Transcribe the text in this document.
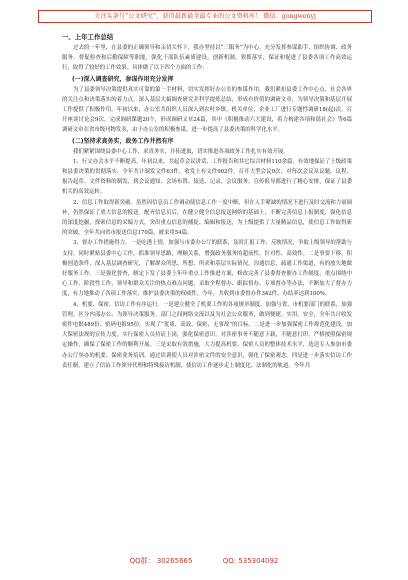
关注头条号“公文研究”，获得最新最全最专业的公文资料库！ 微信：gongwenyj

一、上年工作总结

过去的一年里，在县委的正确领导和亲切关怀下，我办坚持以“三服务”为中心，充分发挥参谋助手、组织协调、政务服务、督促检查和后勤保障等职能，强化干部队伍素质建设，创新机制，狠抓落实，保证和促进了县委各项工作高效运行，取得了较好的工作效果。具体做了以下四个方面的工作：

(一)深入调查研究，参谋作用充分发挥

为了县委领导决策提供真实可靠的第一手材料，切实发挥好办公室的参谋作用，我们紧扣县委工作中心点、社会各界的关注点和决策落实的着力点，深入基层大搞调查研究并科学提炼总结，形成有价值的调研文章，为领导决策和基层开展工作提供了积极作用。年初以来，办公室共组织人员深入到农村乡镇、机关单位、企业工厂进行专题性调研18(起)次，召开座谈讨论会9次，完成调研课题20个，形成调研文章24篇，其中《积极推动六大建设，着力构建各项和谐社会》等6篇调研文章在省市级刊物发表，由于办公室的积极参谋，进一步提高了县委决策的科学化水平。

(二)坚持求真务实，政务工作井然有序

我们紧紧围绕县委中心工作，求真务实，开拓进取，切实推进各项政务工作扎实有效开展。

1、行文办会水平不断提高。年初以来，共起草会议讲话、工作报告和其它综合材料110余篇，有效地保证了上级政策和县委决策的贯彻落实。全年共计制发文件63件，收发上有文件902件，召开大型会议9次；对每次会议从议题、议程、报告起草、文件资料的制发、到会议通知、会场布置、接送、记录、会议服务、宣传报导都进行了精心安排，保证了县委机关的高效运转。

2、信息工作取得新突破。虽然因信息员工作调动使信息工作一度中断，但在人手紧缺的情况下进行及时交流和力量调补，仍然保证了重大信息的报送。配齐信息员后，在健立健全信息报送网络的基础上，不断完善信息上报制度，强化信息的深度挖掘，探索信息的采编方式，突出重点信息的捕捉、编辑和报送，为上级提供了大量精品信息，使信息工作取得新的突破，全年共向省市报送信息170篇，被采用54篇。

3、督办工作措施得力。一是吃透上情，加强与市委办公厅的联系，及时汇报工作、反映情况，争取上级领导的帮助与支持，同时紧贴县委中心工作，抓准领导思路，理顺关系，增强政务服务的超前性、针对性、高效性。二是事要下移，积极创造条件，深入基层调查研究，了解群众所思、所想、所求和基层实际情况，沟通信息，疏通工作渠道，有的放矢地做好服务工作。三是强化督查，制定下发了县委上年年重点工作推进方案，修改完善了县委督查催办工作制度，重点围绕中心工作、阶段性工作、领导和群众关注的热点难点问题，采取全程督办、跟踪督办、专项督办等办法，不断加大了督办力度，有力地推动了各项工作落实，维护县委决策的权威性。今年，共收到市委督办件342件，办结率达到100%。

4、机要、保密、信访工作有序运行。一是建立健全了机要工作的各项规章制度，加强与省、市机要部门的联系，加强管理，区分内部办公、为领导决策服务、部门之间网络交流以及为社会公众服务，做到便捷、实用、安全，全年共计收发密件电报489份、密码电报95份。实现了“优质、高效、保密、无事故”的目标。二是进一步加强保密工作规范化建设，加大保密法规的宣传力度。实行保密人员持证上岗，强化保密意识，对涉密事务不随意下载，不随意打印，严格按照保密规定操作，确保了保密工作的顺利开展。三是采取有效措施，大力提高机要、保密人员的整体技术水平，选送专人参加市委办公厅举办的机要、保密业务培训，通过培训使人员对涉密文件的安全意识，强化了保密观念。四是进一步落实信访工作责任制，建立了信访工作领导代理和特殊接访机制，使信访工作逐步走上制度化、法制化的轨道。今年共

QQ群： 30265665	QQ: 535304092
